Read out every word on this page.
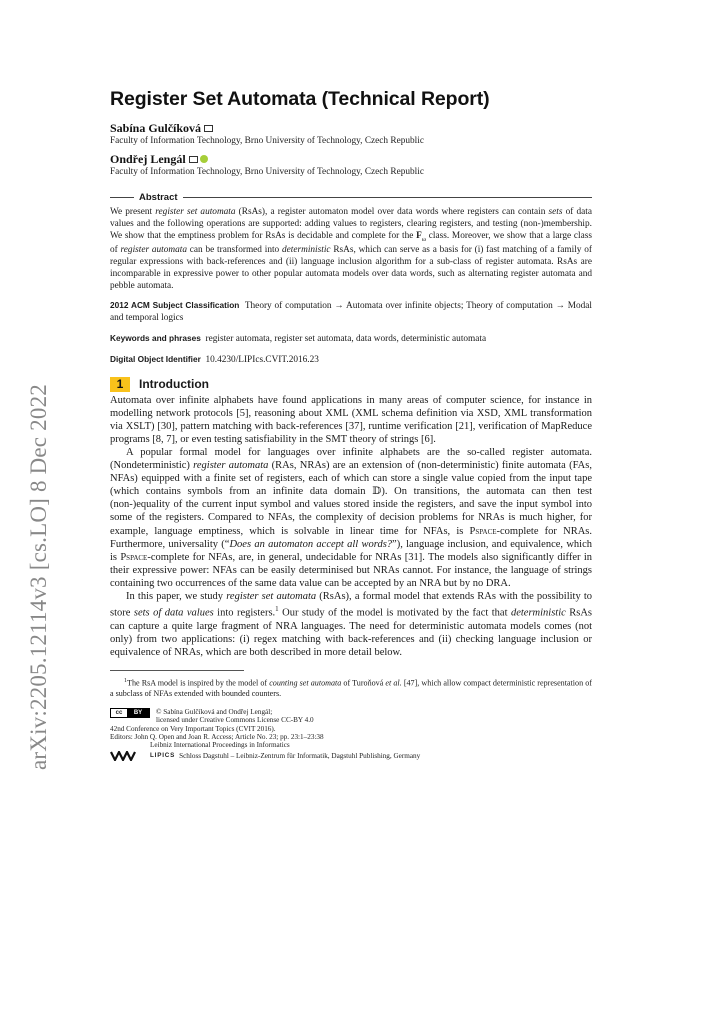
arXiv:2205.12114v3 [cs.LO] 8 Dec 2022
Register Set Automata (Technical Report)
Sabína Gulčíková
Faculty of Information Technology, Brno University of Technology, Czech Republic
Ondřej Lengál
Faculty of Information Technology, Brno University of Technology, Czech Republic
Abstract

We present register set automata (RsAs), a register automaton model over data words where registers can contain sets of data values and the following operations are supported: adding values to registers, clearing registers, and testing (non-)membership. We show that the emptiness problem for RsAs is decidable and complete for the $F_\omega$ class. Moreover, we show that a large class of register automata can be transformed into deterministic RsAs, which can serve as a basis for (i) fast matching of a family of regular expressions with back-references and (ii) language inclusion algorithm for a sub-class of register automata. RsAs are incomparable in expressive power to other popular automata models over data words, such as alternating register automata and pebble automata.

2012 ACM Subject Classification Theory of computation → Automata over infinite objects; Theory of computation → Modal and temporal logics
Keywords and phrases register automata, register set automata, data words, deterministic automata
Digital Object Identifier 10.4230/LIPIcs.CVIT.2016.23
1	Introduction

Automata over infinite alphabets have found applications in many areas of computer science, for instance in modelling network protocols [5], reasoning about XML (XML schema definition via XSD, XML transformation via XSLT) [30], pattern matching with back-references [37], runtime verification [21], verification of MapReduce programs [8, 7], or even testing satisfiability in the SMT theory of strings [6].

A popular formal model for languages over infinite alphabets are the so-called register automata. (Nondeterministic) register automata (RAs, NRAs) are an extension of (non-deterministic) finite automata (FAs, NFAs) equipped with a finite set of registers, each of which can store a single value copied from the input tape (which contains symbols from an infinite data domain 𝔻). On transitions, the automata can then test (non-)equality of the current input symbol and values stored inside the registers, and save the input symbol into some of the registers. Compared to NFAs, the complexity of decision problems for NRAs is much higher, for example, language emptiness, which is solvable in linear time for NFAs, is Pspace-complete for NRAs. Furthermore, universality (“Does an automaton accept all words?”), language inclusion, and equivalence, which is Pspace-complete for NFAs, are, in general, undecidable for NRAs [31]. The models also significantly differ in their expressive power: NFAs can be easily determinised but NRAs cannot. For instance, the language of strings containing two occurrences of the same data value can be accepted by an NRA but by no DRA.

In this paper, we study register set automata (RsAs), a formal model that extends RAs with the possibility to store sets of data values into registers.$^1$ Our study of the model is motivated by the fact that deterministic RsAs can capture a quite large fragment of NRA languages. The need for deterministic automata models comes (not only) from two applications: (i) regex matching with back-references and (ii) checking language inclusion or equivalence of NRAs, which are both described in more detail below.

$^1$The RsA model is inspired by the model of counting set automata of Turoňová et al. [47], which allow compact deterministic representation of a subclass of NFAs extended with bounded counters.
cc	BY	© Sabína Gulčíková and Ondřej Lengál;
licensed under Creative Commons License CC-BY 4.0
42nd Conference on Very Important Topics (CVIT 2016).
Editors: John Q. Open and Joan R. Access; Article No. 23; pp. 23:1–23:38
Leibniz International Proceedings in Informatics
LIPICS Schloss Dagstuhl – Leibniz-Zentrum für Informatik, Dagstuhl Publishing, Germany
